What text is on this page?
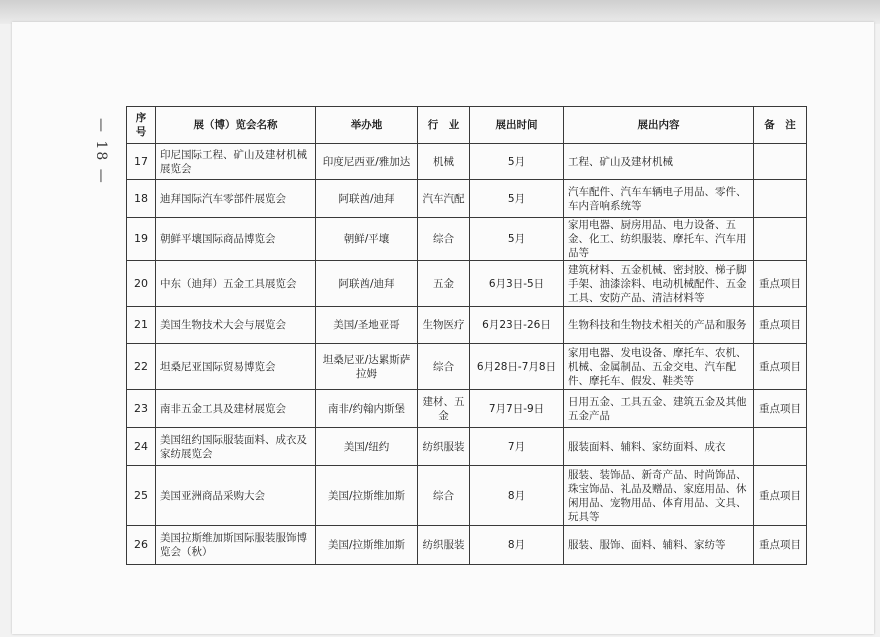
— 18 —	序号	展（博）览会名称	举办地	行　业	展出时间	展出内容	备　注
17	印尼国际工程、矿山及建材机械展览会	印度尼西亚/雅加达	机械	5月	工程、矿山及建材机械	
18	迪拜国际汽车零部件展览会	阿联酋/迪拜	汽车汽配	5月	汽车配件、汽车车辆电子用品、零件、车内音响系统等	
19	朝鲜平壤国际商品博览会	朝鲜/平壤	综合	5月	家用电器、厨房用品、电力设备、五金、化工、纺织服装、摩托车、汽车用品等	
20	中东（迪拜）五金工具展览会	阿联酋/迪拜	五金	6月3日-5日	建筑材料、五金机械、密封胶、梯子脚手架、油漆涂料、电动机械配件、五金工具、安防产品、清洁材料等	重点项目
21	美国生物技术大会与展览会	美国/圣地亚哥	生物医疗	6月23日-26日	生物科技和生物技术相关的产品和服务	重点项目
22	坦桑尼亚国际贸易博览会	坦桑尼亚/达累斯萨拉姆	综合	6月28日-7月8日	家用电器、发电设备、摩托车、农机、机械、金属制品、五金交电、汽车配件、摩托车、假发、鞋类等	重点项目
23	南非五金工具及建材展览会	南非/约翰内斯堡	建材、五金	7月7日-9日	日用五金、工具五金、建筑五金及其他五金产品	重点项目
24	美国纽约国际服装面料、成衣及家纺展览会	美国/纽约	纺织服装	7月	服装面料、辅料、家纺面料、成衣	
25	美国亚洲商品采购大会	美国/拉斯维加斯	综合	8月	服装、装饰品、新奇产品、时尚饰品、珠宝饰品、礼品及赠品、家庭用品、休闲用品、宠物用品、体育用品、文具、玩具等	重点项目
26	美国拉斯维加斯国际服装服饰博览会（秋）	美国/拉斯维加斯	纺织服装	8月	服装、服饰、面料、辅料、家纺等	重点项目
